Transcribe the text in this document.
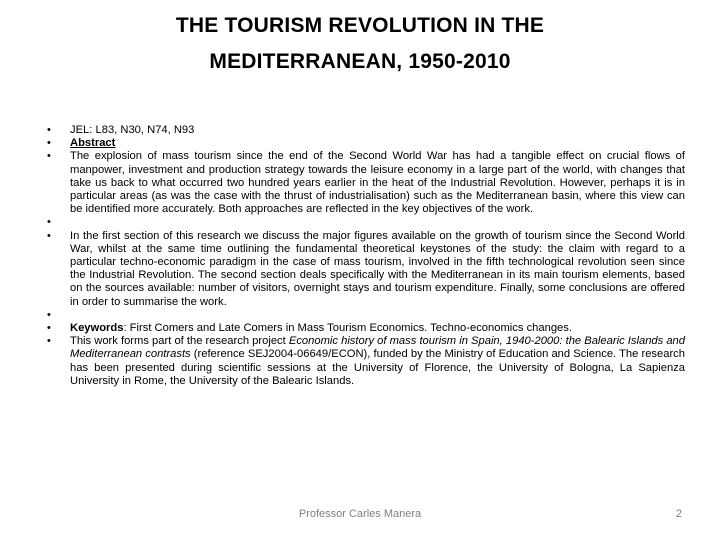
THE TOURISM REVOLUTION IN THE
MEDITERRANEAN, 1950-2010
•	JEL: L83, N30, N74, N93
•	Abstract
•	The explosion of mass tourism since the end of the Second World War has had a tangible effect on crucial flows of manpower, investment and production strategy towards the leisure economy in a large part of the world, with changes that take us back to what occurred two hundred years earlier in the heat of the Industrial Revolution. However, perhaps it is in particular areas (as was the case with the thrust of industrialisation) such as the Mediterranean basin, where this view can be identified more accurately. Both approaches are reflected in the key objectives of the work.
•
•	In the first section of this research we discuss the major figures available on the growth of tourism since the Second World War, whilst at the same time outlining the fundamental theoretical keystones of the study: the claim with regard to a particular techno-economic paradigm in the case of mass tourism, involved in the fifth technological revolution seen since the Industrial Revolution. The second section deals specifically with the Mediterranean in its main tourism elements, based on the sources available: number of visitors, overnight stays and tourism expenditure. Finally, some conclusions are offered in order to summarise the work.
•
•	Keywords: First Comers and Late Comers in Mass Tourism Economics. Techno-economics changes.
•	This work forms part of the research project Economic history of mass tourism in Spain, 1940-2000: the Balearic Islands and Mediterranean contrasts (reference SEJ2004-06649/ECON), funded by the Ministry of Education and Science. The research has been presented during scientific sessions at the University of Florence, the University of Bologna, La Sapienza University in Rome, the University of the Balearic Islands.
Professor Carles Manera	2
